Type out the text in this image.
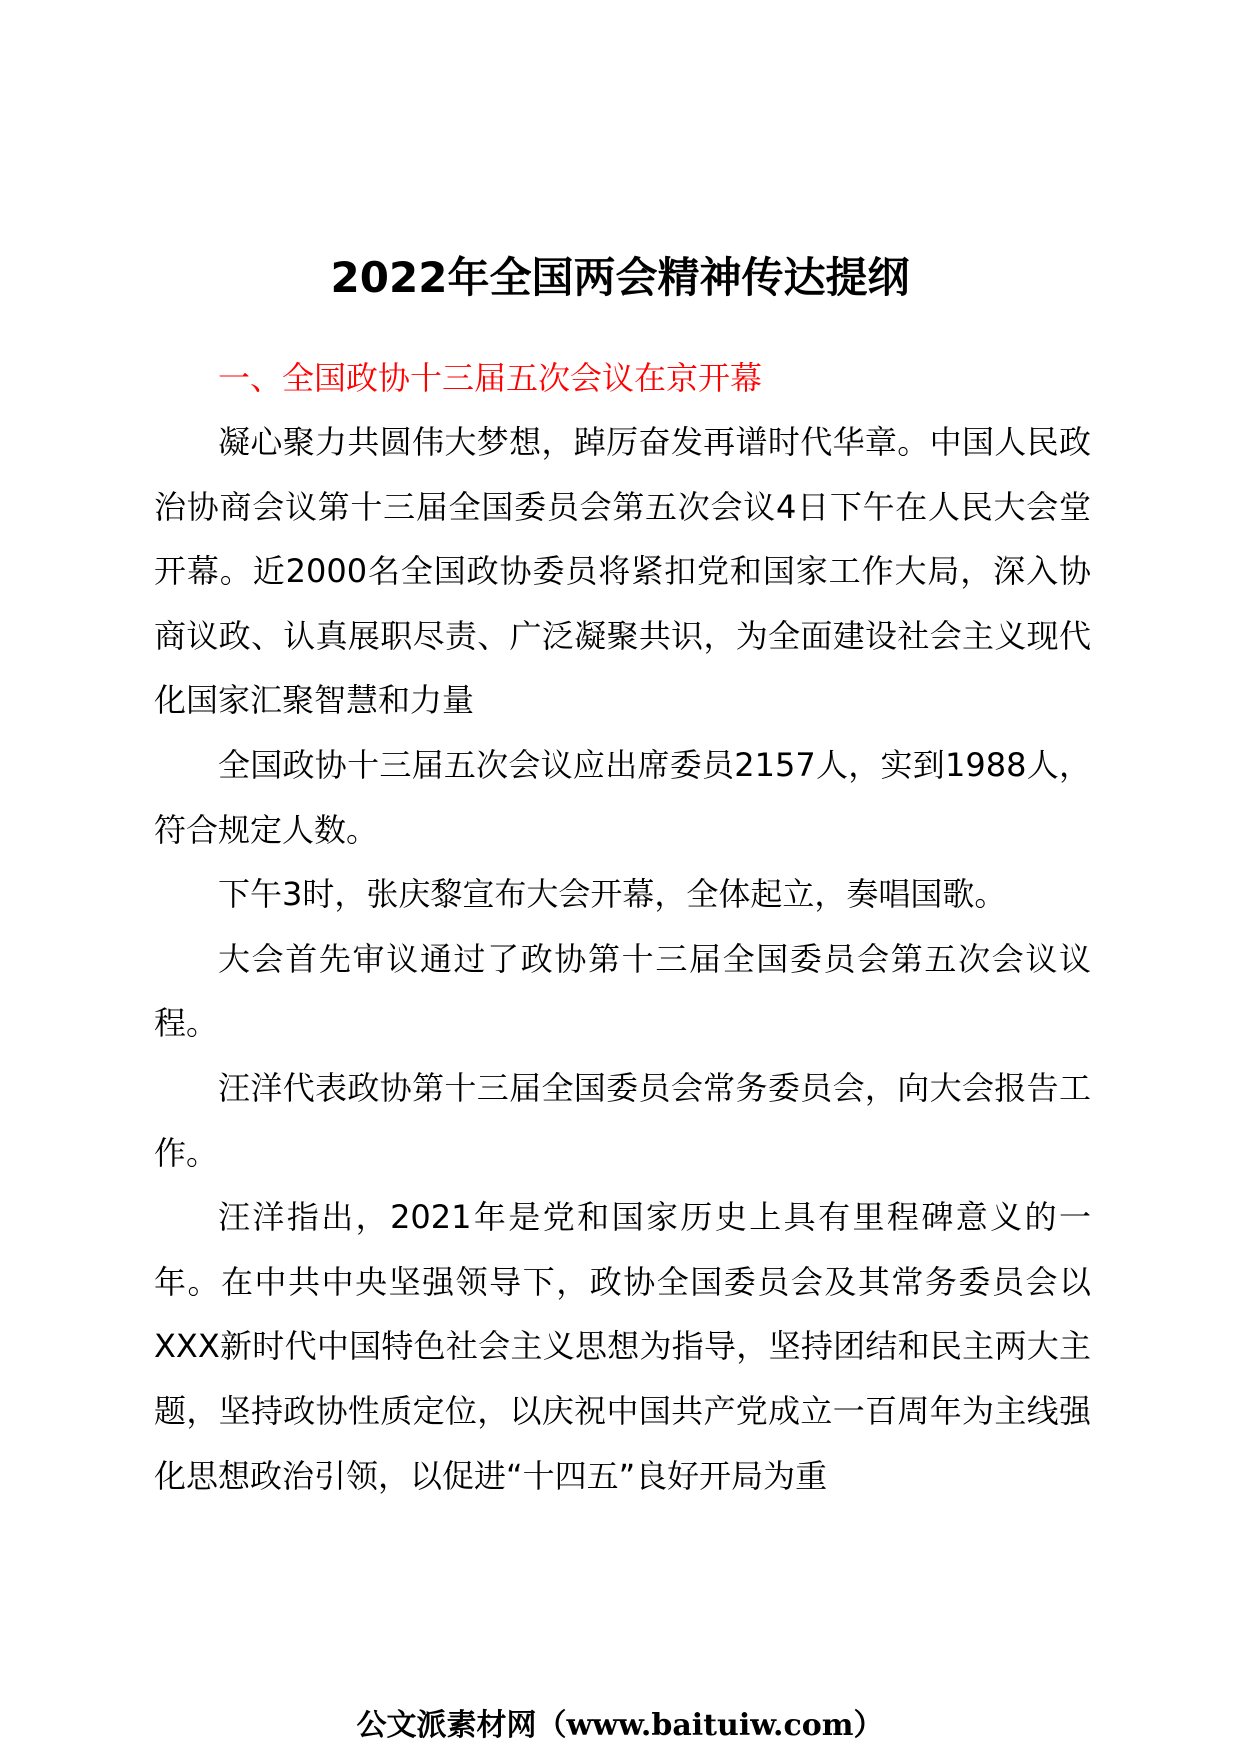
2022年全国两会精神传达提纲
一、全国政协十三届五次会议在京开幕

凝心聚力共圆伟大梦想，踔厉奋发再谱时代华章。中国人民政治协商会议第十三届全国委员会第五次会议4日下午在人民大会堂开幕。近2000名全国政协委员将紧扣党和国家工作大局，深入协商议政、认真展职尽责、广泛凝聚共识，为全面建设社会主义现代化国家汇聚智慧和力量

全国政协十三届五次会议应出席委员2157人，实到1988人，符合规定人数。

下午3时，张庆黎宣布大会开幕，全体起立，奏唱国歌。

大会首先审议通过了政协第十三届全国委员会第五次会议议程。

汪洋代表政协第十三届全国委员会常务委员会，向大会报告工作。

汪洋指出，2021年是党和国家历史上具有里程碑意义的一年。在中共中央坚强领导下，政协全国委员会及其常务委员会以XXX新时代中国特色社会主义思想为指导，坚持团结和民主两大主题，坚持政协性质定位，以庆祝中国共产党成立一百周年为主线强化思想政治引领，以促进“十四五”良好开局为重

公文派素材网（www.baituiw.com）
